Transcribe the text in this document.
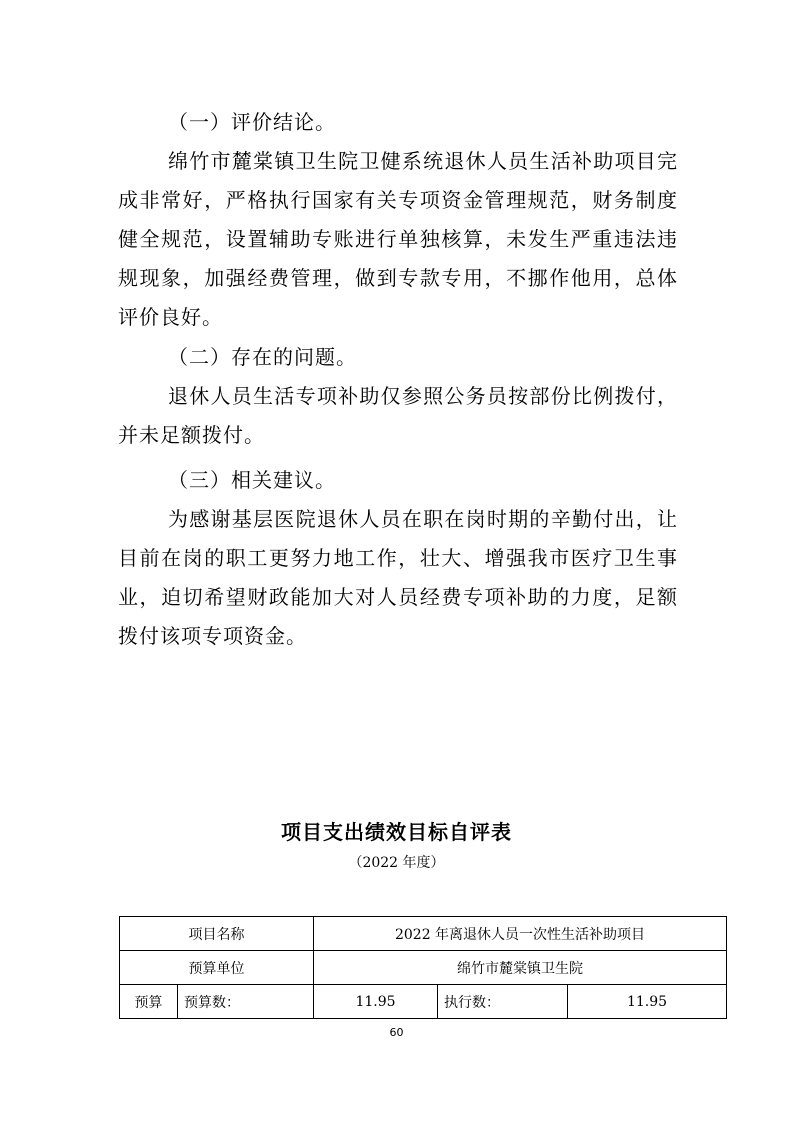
（一）评价结论。

绵竹市麓棠镇卫生院卫健系统退休人员生活补助项目完成非常好，严格执行国家有关专项资金管理规范，财务制度健全规范，设置辅助专账进行单独核算，未发生严重违法违规现象，加强经费管理，做到专款专用，不挪作他用，总体评价良好。

（二）存在的问题。

退休人员生活专项补助仅参照公务员按部份比例拨付，并未足额拨付。

（三）相关建议。

为感谢基层医院退休人员在职在岗时期的辛勤付出，让目前在岗的职工更努力地工作，壮大、增强我市医疗卫生事业，迫切希望财政能加大对人员经费专项补助的力度，足额拨付该项专项资金。

项目支出绩效目标自评表

（2022 年度）

项目名称		2022 年离退休人员一次性生活补助项目		
预算单位		绵竹市麓棠镇卫生院		
预算	预算数：	11.95	执行数：	11.95
60
